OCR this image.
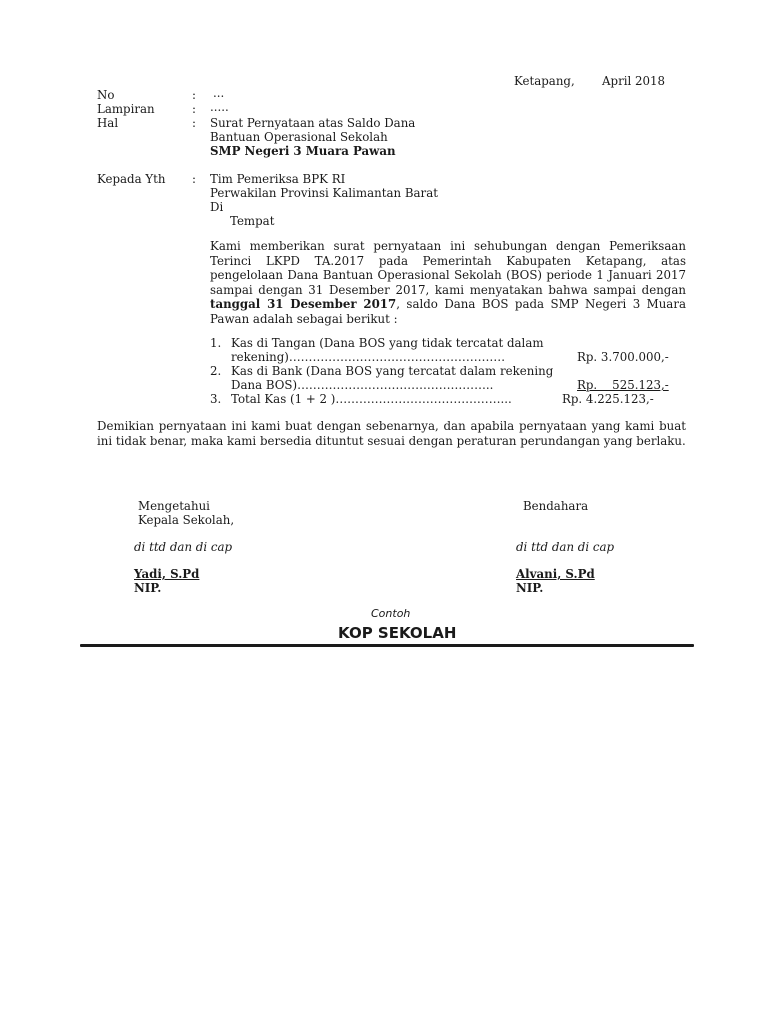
Ketapang, April 2018
No	: ...
Lampiran	: .....
Hal	: Surat Pernyataan atas Saldo Dana
Bantuan Operasional Sekolah
SMP Negeri 3 Muara Pawan
Kepada Yth : Tim Pemeriksa BPK RI
Perwakilan Provinsi Kalimantan Barat
Di
Tempat

Kami memberikan surat pernyataan ini sehubungan dengan Pemeriksaan Terinci LKPD TA.2017 pada Pemerintah Kabupaten Ketapang, atas pengelolaan Dana Bantuan Operasional Sekolah (BOS) periode 1 Januari 2017 sampai dengan 31 Desember 2017, kami menyatakan bahwa sampai dengan tanggal 31 Desember 2017, saldo Dana BOS pada SMP Negeri 3 Muara Pawan adalah sebagai berikut :

1. Kas di Tangan (Dana BOS yang tidak tercatat dalam
rekening)……………………………………………….	Rp. 3.700.000,-
2. Kas di Bank (Dana BOS yang tercatat dalam rekening
Dana BOS)…………………………………………..	Rp.    525.123,-
3. Total Kas (1 + 2 )……………………………………...	Rp. 4.225.123,-

Demikian pernyataan ini kami buat dengan sebenarnya, dan apabila pernyataan yang kami buat ini tidak benar, maka kami bersedia dituntut sesuai dengan peraturan perundangan yang berlaku.

Mengetahui
Kepala Sekolah,
di ttd dan di cap
Yadi, S.Pd
NIP.
Bendahara
di ttd dan di cap
Alvani, S.Pd
NIP.
Contoh
KOP SEKOLAH
